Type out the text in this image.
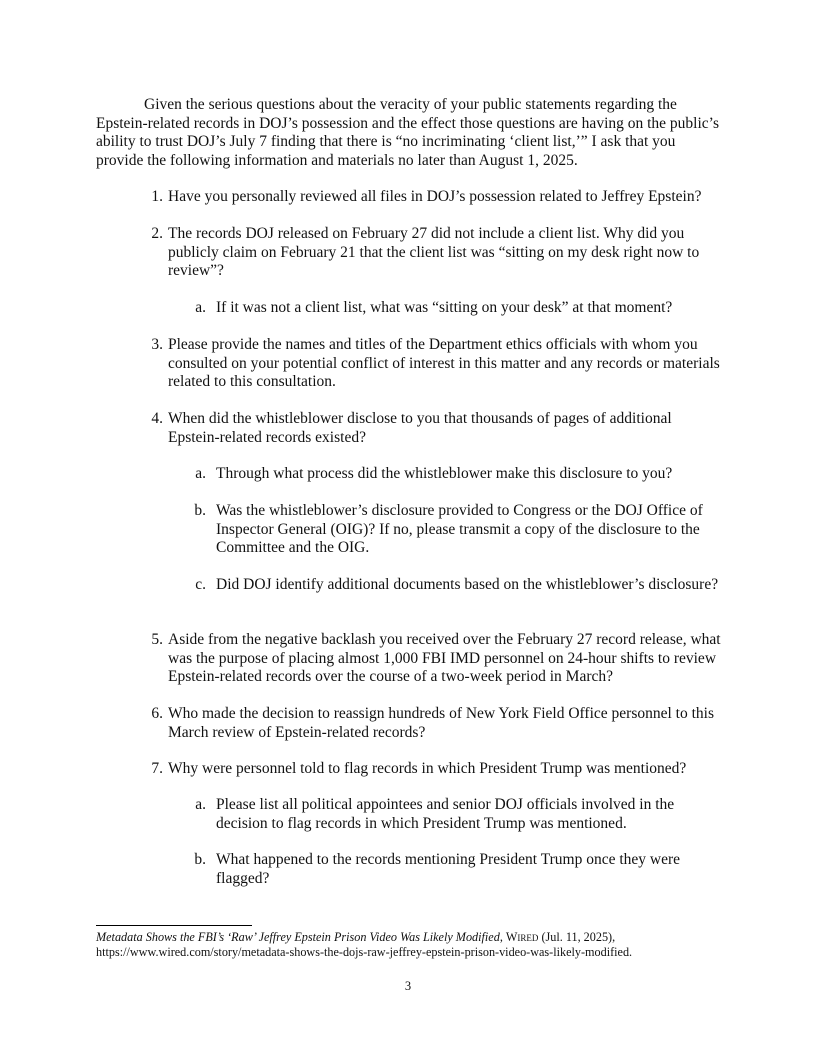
Given the serious questions about the veracity of your public statements regarding the Epstein-related records in DOJ’s possession and the effect those questions are having on the public’s ability to trust DOJ’s July 7 finding that there is “no incriminating ‘client list,’” I ask that you provide the following information and materials no later than August 1, 2025.

1. Have you personally reviewed all files in DOJ’s possession related to Jeffrey Epstein?
2. The records DOJ released on February 27 did not include a client list. Why did you publicly claim on February 21 that the client list was “sitting on my desk right now to review”?
a. If it was not a client list, what was “sitting on your desk” at that moment?
3. Please provide the names and titles of the Department ethics officials with whom you consulted on your potential conflict of interest in this matter and any records or materials related to this consultation.
4. When did the whistleblower disclose to you that thousands of pages of additional Epstein-related records existed?
a. Through what process did the whistleblower make this disclosure to you?
b. Was the whistleblower’s disclosure provided to Congress or the DOJ Office of Inspector General (OIG)? If no, please transmit a copy of the disclosure to the Committee and the OIG.
c. Did DOJ identify additional documents based on the whistleblower’s disclosure?
5. Aside from the negative backlash you received over the February 27 record release, what was the purpose of placing almost 1,000 FBI IMD personnel on 24-hour shifts to review Epstein-related records over the course of a two-week period in March?
6. Who made the decision to reassign hundreds of New York Field Office personnel to this March review of Epstein-related records?
7. Why were personnel told to flag records in which President Trump was mentioned?
a. Please list all political appointees and senior DOJ officials involved in the decision to flag records in which President Trump was mentioned.
b. What happened to the records mentioning President Trump once they were flagged?
Metadata Shows the FBI’s ‘Raw’ Jeffrey Epstein Prison Video Was Likely Modified, Wired (Jul. 11, 2025),
https://www.wired.com/story/metadata-shows-the-dojs-raw-jeffrey-epstein-prison-video-was-likely-modified.
3
